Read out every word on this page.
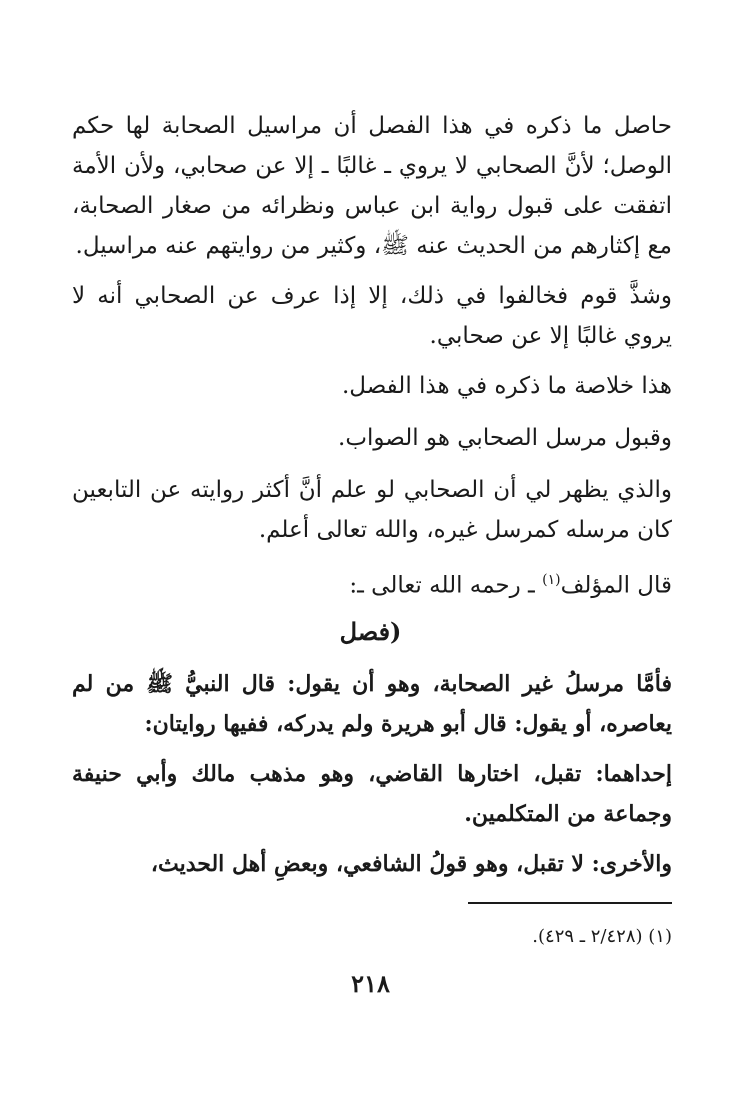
حاصل ما ذكره في هذا الفصل أن مراسيل الصحابة لها حكم الوصل؛ لأنَّ الصحابي لا يروي ـ غالبًا ـ إلا عن صحابي، ولأن الأمة اتفقت على قبول رواية ابن عباس ونظرائه من صغار الصحابة، مع إكثارهم من الحديث عنه ﷺ، وكثير من روايتهم عنه مراسيل.
وشذَّ قوم فخالفوا في ذلك، إلا إذا عرف عن الصحابي أنه لا يروي غالبًا إلا عن صحابي.
هذا خلاصة ما ذكره في هذا الفصل.
وقبول مرسل الصحابي هو الصواب.
والذي يظهر لي أن الصحابي لو علم أنَّ أكثر روايته عن التابعين كان مرسله كمرسل غيره، والله تعالى أعلم.
قال المؤلف$^{(١)}$ ـ رحمه الله تعالى ـ:
(فصل
فأمَّا مرسلُ غير الصحابة، وهو أن يقول: قال النبيُّ ﷺ من لم يعاصره، أو يقول: قال أبو هريرة ولم يدركه، ففيها روايتان:
إحداهما: تقبل، اختارها القاضي، وهو مذهب مالك وأبي حنيفة وجماعة من المتكلمين.
والأخرى: لا تقبل، وهو قولُ الشافعي، وبعضِ أهل الحديث،
(١) (٢/٤٢٨ ـ ٤٢٩).
٢١٨
